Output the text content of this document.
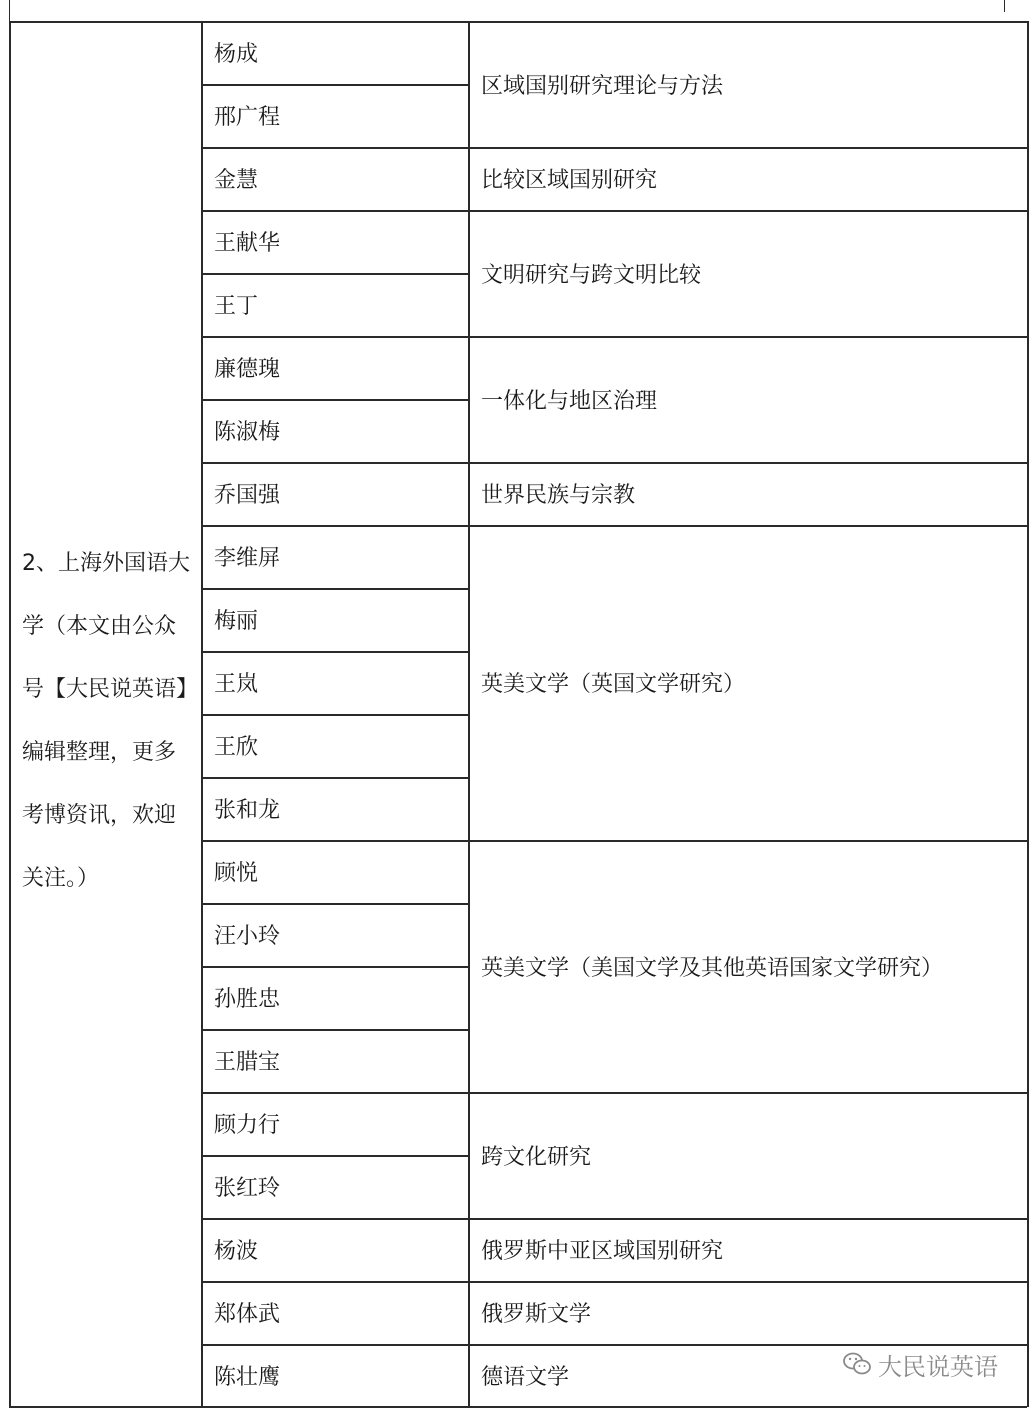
2、上海外国语大学（本文由公众号【大民说英语】编辑整理，更多考博资讯，欢迎关注。）
杨成
邢广程
金慧
王献华
王丁
廉德瑰
陈淑梅
乔国强
李维屏
梅丽
王岚
王欣
张和龙
顾悦
汪小玲
孙胜忠
王腊宝
顾力行
张红玲
杨波
郑体武
陈壮鹰
区域国别研究理论与方法
比较区域国别研究
文明研究与跨文明比较
一体化与地区治理
世界民族与宗教
英美文学（英国文学研究）
英美文学（美国文学及其他英语国家文学研究）
跨文化研究
俄罗斯中亚区域国别研究
俄罗斯文学
德语文学	大民说英语
